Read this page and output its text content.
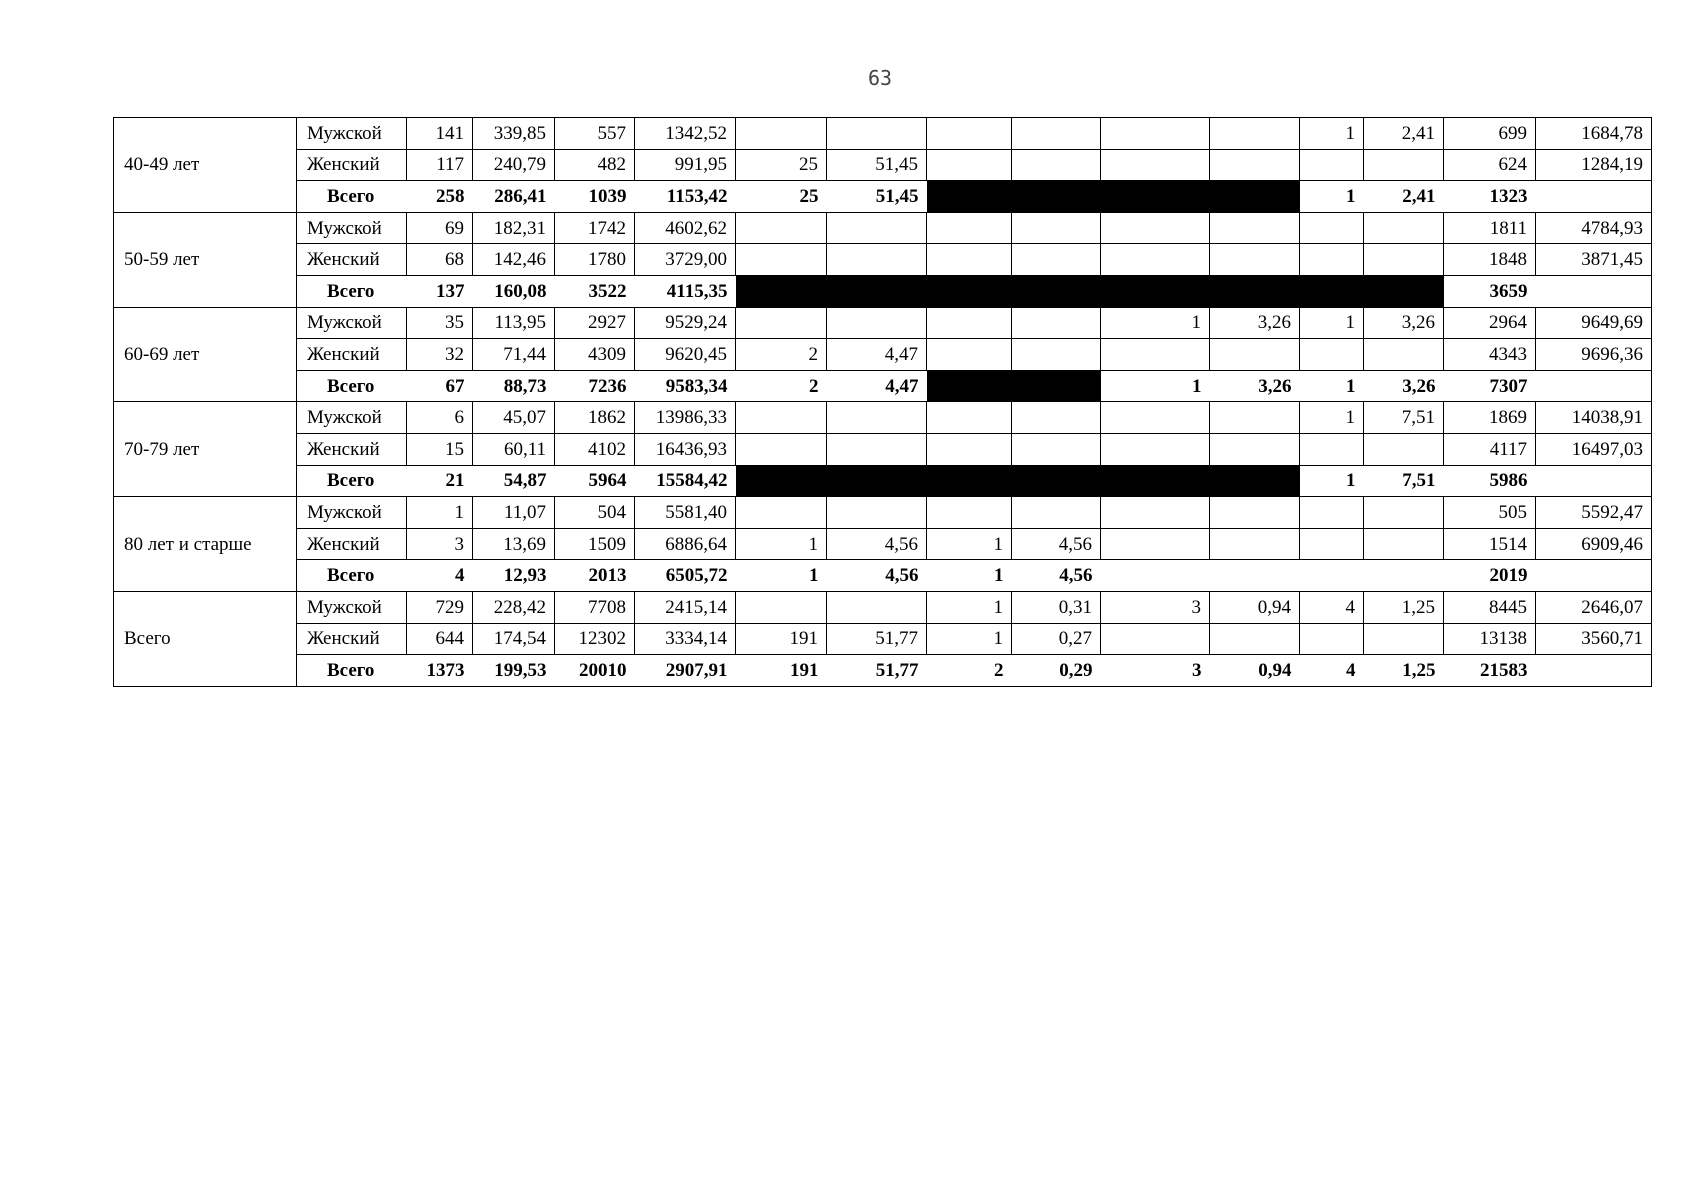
63
40-49 лет	Мужской	141	339,85	557	1342,52							1	2,41	699	1684,78
	Женский	117	240,79	482	991,95	25	51,45							624	1284,19
	Всего	258	286,41	1039	1153,42	25	51,45					1	2,41	1323	
50-59 лет	Мужской	69	182,31	1742	4602,62									1811	4784,93
	Женский	68	142,46	1780	3729,00									1848	3871,45
	Всего	137	160,08	3522	4115,35									3659	
60-69 лет	Мужской	35	113,95	2927	9529,24					1	3,26	1	3,26	2964	9649,69
	Женский	32	71,44	4309	9620,45	2	4,47							4343	9696,36
	Всего	67	88,73	7236	9583,34	2	4,47			1	3,26	1	3,26	7307	
70-79 лет	Мужской	6	45,07	1862	13986,33							1	7,51	1869	14038,91
	Женский	15	60,11	4102	16436,93									4117	16497,03
	Всего	21	54,87	5964	15584,42							1	7,51	5986	
80 лет и старше	Мужской	1	11,07	504	5581,40									505	5592,47
	Женский	3	13,69	1509	6886,64	1	4,56	1	4,56					1514	6909,46
	Всего	4	12,93	2013	6505,72	1	4,56	1	4,56					2019	
Всего	Мужской	729	228,42	7708	2415,14			1	0,31	3	0,94	4	1,25	8445	2646,07
	Женский	644	174,54	12302	3334,14	191	51,77	1	0,27					13138	3560,71
	Всего	1373	199,53	20010	2907,91	191	51,77	2	0,29	3	0,94	4	1,25	21583	
